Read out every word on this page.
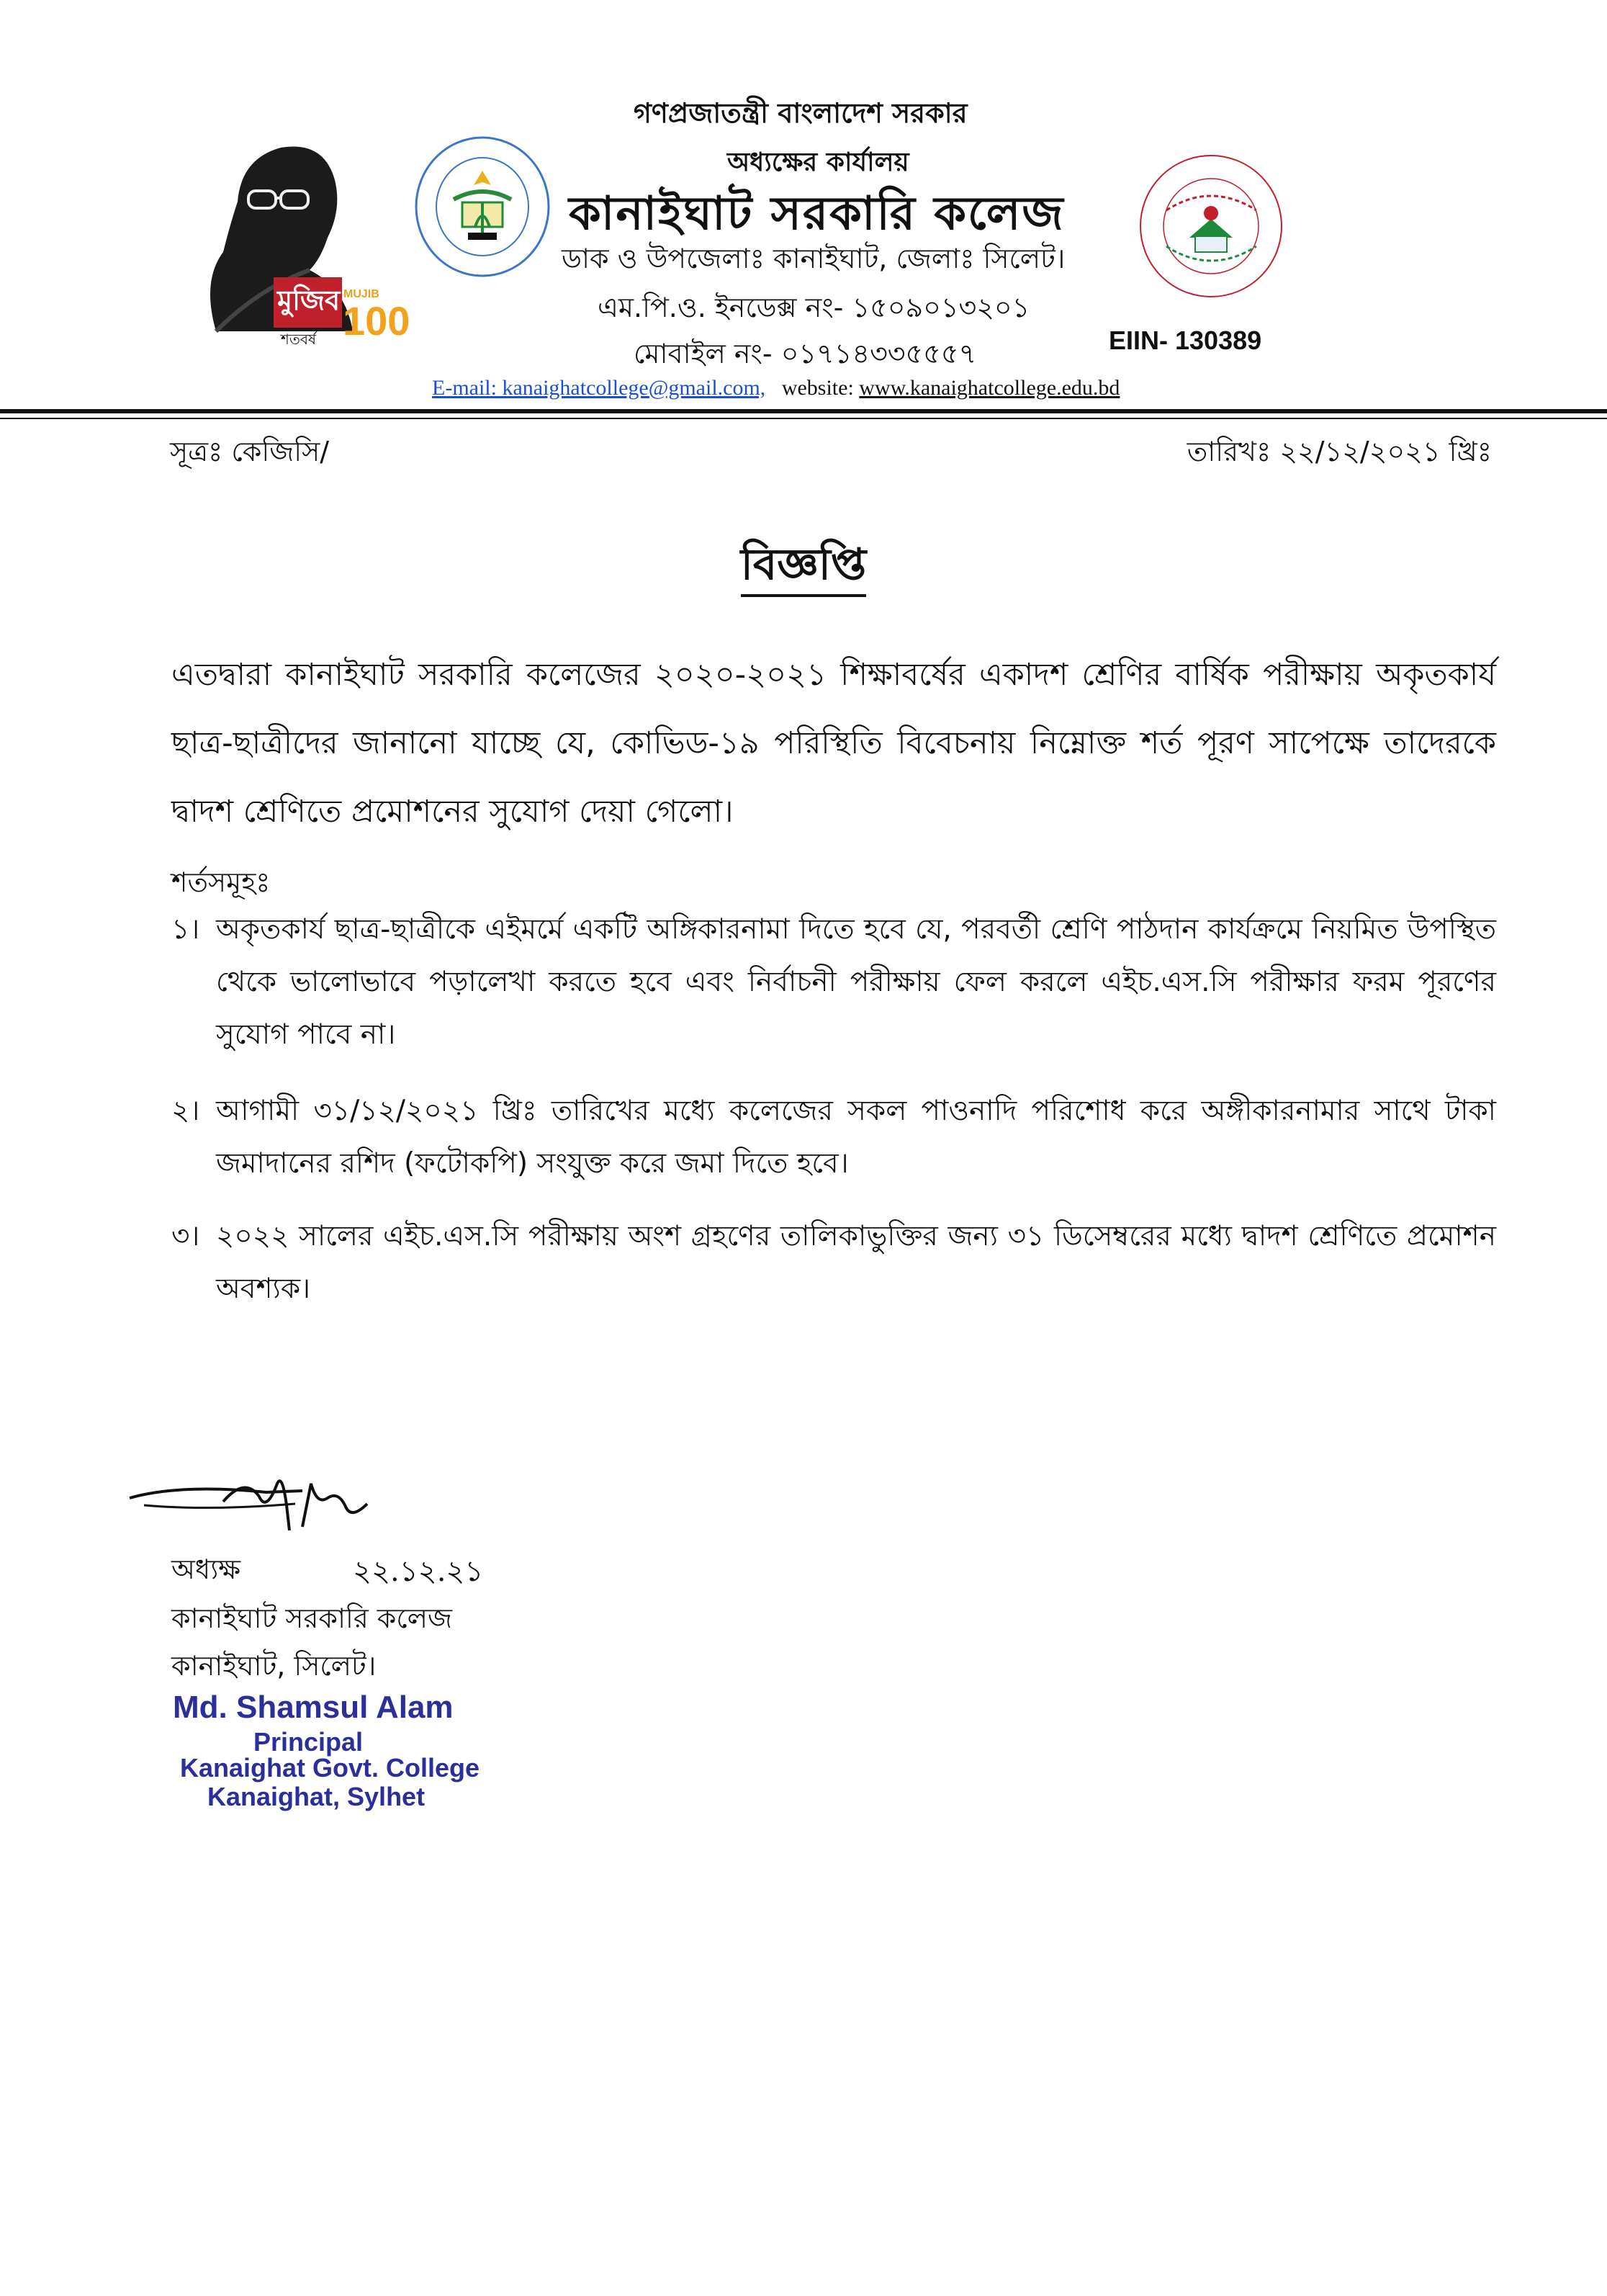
মুজিব
শতবর্ষ
MUJIB
100
গণপ্রজাতন্ত্রী বাংলাদেশ সরকার
অধ্যক্ষের কার্যালয়
কানাইঘাট সরকারি কলেজ
ডাক ও উপজেলাঃ কানাইঘাট, জেলাঃ সিলেট।
এম.পি.ও. ইনডেক্স নং- ১৫০৯০১৩২০১
মোবাইল নং- ০১৭১৪৩৩৫৫৫৭	EIIN- 130389
E-mail: kanaighatcollege@gmail.com, website: www.kanaighatcollege.edu.bd
সূত্রঃ কেজিসি/	তারিখঃ ২২/১২/২০২১ খ্রিঃ
বিজ্ঞপ্তি
এতদ্বারা কানাইঘাট সরকারি কলেজের ২০২০-২০২১ শিক্ষাবর্ষের একাদশ শ্রেণির বার্ষিক পরীক্ষায় অকৃতকার্য ছাত্র-ছাত্রীদের জানানো যাচ্ছে যে, কোভিড-১৯ পরিস্থিতি বিবেচনায় নিম্নোক্ত শর্ত পূরণ সাপেক্ষে তাদেরকে দ্বাদশ শ্রেণিতে প্রমোশনের সুযোগ দেয়া গেলো।
শর্তসমূহঃ
১। অকৃতকার্য ছাত্র-ছাত্রীকে এইমর্মে একটি অঙ্গিকারনামা দিতে হবে যে, পরবর্তী শ্রেণি পাঠদান কার্যক্রমে নিয়মিত উপস্থিত থেকে ভালোভাবে পড়ালেখা করতে হবে এবং নির্বাচনী পরীক্ষায় ফেল করলে এইচ.এস.সি পরীক্ষার ফরম পূরণের সুযোগ পাবে না।
২। আগামী ৩১/১২/২০২১ খ্রিঃ তারিখের মধ্যে কলেজের সকল পাওনাদি পরিশোধ করে অঙ্গীকারনামার সাথে টাকা জমাদানের রশিদ (ফটোকপি) সংযুক্ত করে জমা দিতে হবে।
৩। ২০২২ সালের এইচ.এস.সি পরীক্ষায় অংশ গ্রহণের তালিকাভুক্তির জন্য ৩১ ডিসেম্বরের মধ্যে দ্বাদশ শ্রেণিতে প্রমোশন অবশ্যক।
অধ্যক্ষ	২২.১২.২১
কানাইঘাট সরকারি কলেজ
কানাইঘাট, সিলেট।
Md. Shamsul Alam
Principal
Kanaighat Govt. College
Kanaighat, Sylhet
